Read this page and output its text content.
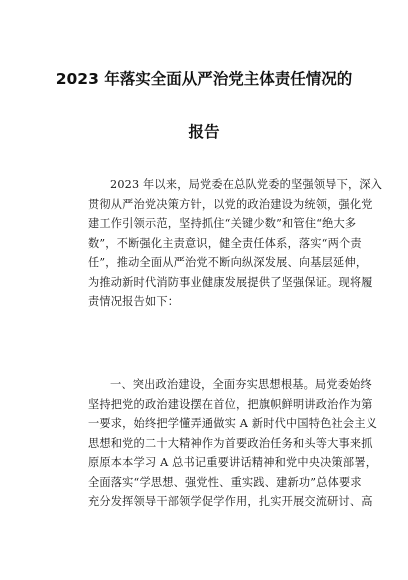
2023 年落实全面从严治党主体责任情况的
报告
2023 年以来，局党委在总队党委的坚强领导下，深入
贯彻从严治党决策方针，以党的政治建设为统领，强化党
建工作引领示范，坚持抓住“关键少数”和管住“绝大多
数”，不断强化主责意识，健全责任体系，落实“两个责
任”，推动全面从严治党不断向纵深发展、向基层延伸，
为推动新时代消防事业健康发展提供了坚强保证。现将履
责情况报告如下：
一、突出政治建设，全面夯实思想根基。局党委始终
坚持把党的政治建设摆在首位，把旗帜鲜明讲政治作为第
一要求，始终把学懂弄通做实 A 新时代中国特色社会主义
思想和党的二十大精神作为首要政治任务和头等大事来抓
原原本本学习 A 总书记重要讲话精神和党中央决策部署，
全面落实“学思想、强党性、重实践、建新功”总体要求
充分发挥领导干部领学促学作用，扎实开展交流研讨、高
